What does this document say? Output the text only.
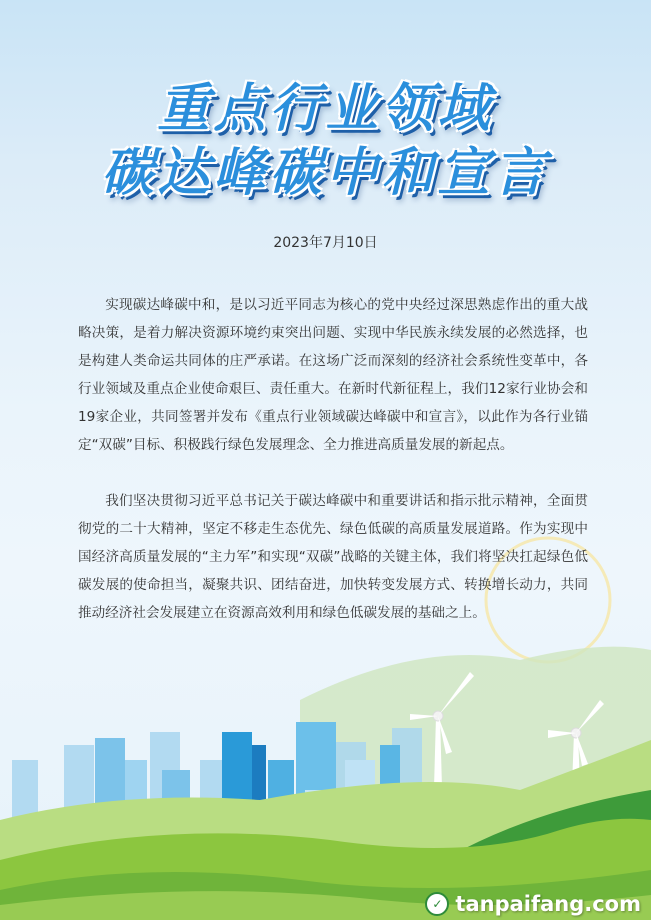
重点行业领域
碳达峰碳中和宣言
2023年7月10日

实现碳达峰碳中和，是以习近平同志为核心的党中央经过深思熟虑作出的重大战略决策，是着力解决资源环境约束突出问题、实现中华民族永续发展的必然选择，也是构建人类命运共同体的庄严承诺。在这场广泛而深刻的经济社会系统性变革中，各行业领域及重点企业使命艰巨、责任重大。在新时代新征程上，我们12家行业协会和19家企业，共同签署并发布《重点行业领域碳达峰碳中和宣言》，以此作为各行业锚定“双碳”目标、积极践行绿色发展理念、全力推进高质量发展的新起点。

我们坚决贯彻习近平总书记关于碳达峰碳中和重要讲话和指示批示精神，全面贯彻党的二十大精神，坚定不移走生态优先、绿色低碳的高质量发展道路。作为实现中国经济高质量发展的“主力军”和实现“双碳”战略的关键主体，我们将坚决扛起绿色低碳发展的使命担当，凝聚共识、团结奋进，加快转变发展方式、转换增长动力，共同推动经济社会发展建立在资源高效利用和绿色低碳发展的基础之上。

✓ tanpaifang.com
